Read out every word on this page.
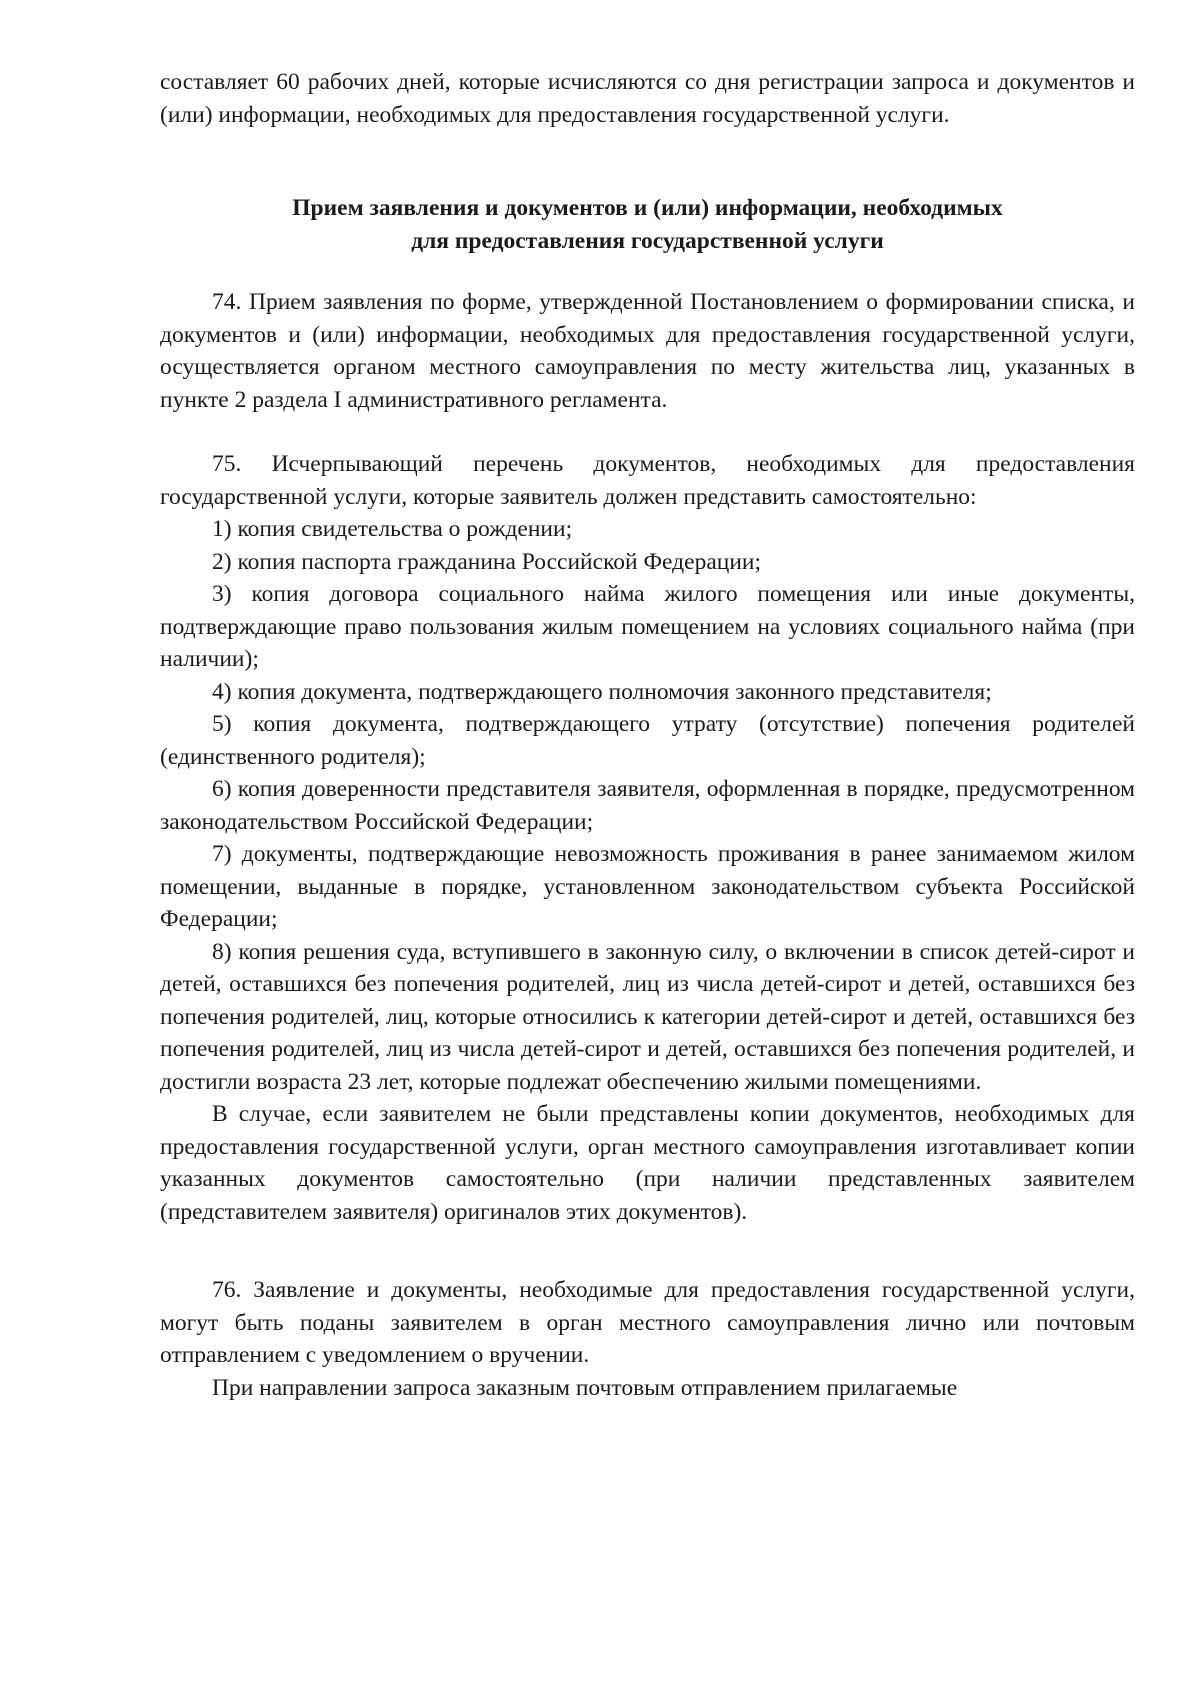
составляет 60 рабочих дней, которые исчисляются со дня регистрации запроса и документов и (или) информации, необходимых для предоставления государственной услуги.

Прием заявления и документов и (или) информации, необходимых
для предоставления государственной услуги

74. Прием заявления по форме, утвержденной Постановлением о формировании списка, и документов и (или) информации, необходимых для предоставления государственной услуги, осуществляется органом местного самоуправления по месту жительства лиц, указанных в пункте 2 раздела I административного регламента.

75. Исчерпывающий перечень документов, необходимых для предоставления государственной услуги, которые заявитель должен представить самостоятельно:

1) копия свидетельства о рождении;

2) копия паспорта гражданина Российской Федерации;

3) копия договора социального найма жилого помещения или иные документы, подтверждающие право пользования жилым помещением на условиях социального найма (при наличии);

4) копия документа, подтверждающего полномочия законного представителя;

5) копия документа, подтверждающего утрату (отсутствие) попечения родителей (единственного родителя);

6) копия доверенности представителя заявителя, оформленная в порядке, предусмотренном законодательством Российской Федерации;

7) документы, подтверждающие невозможность проживания в ранее занимаемом жилом помещении, выданные в порядке, установленном законодательством субъекта Российской Федерации;

8) копия решения суда, вступившего в законную силу, о включении в список детей-сирот и детей, оставшихся без попечения родителей, лиц из числа детей-сирот и детей, оставшихся без попечения родителей, лиц, которые относились к категории детей-сирот и детей, оставшихся без попечения родителей, лиц из числа детей-сирот и детей, оставшихся без попечения родителей, и достигли возраста 23 лет, которые подлежат обеспечению жилыми помещениями.

В случае, если заявителем не были представлены копии документов, необходимых для предоставления государственной услуги, орган местного самоуправления изготавливает копии указанных документов самостоятельно (при наличии представленных заявителем (представителем заявителя) оригиналов этих документов).

76. Заявление и документы, необходимые для предоставления государственной услуги, могут быть поданы заявителем в орган местного самоуправления лично или почтовым отправлением с уведомлением о вручении.

При направлении запроса заказным почтовым отправлением прилагаемые
